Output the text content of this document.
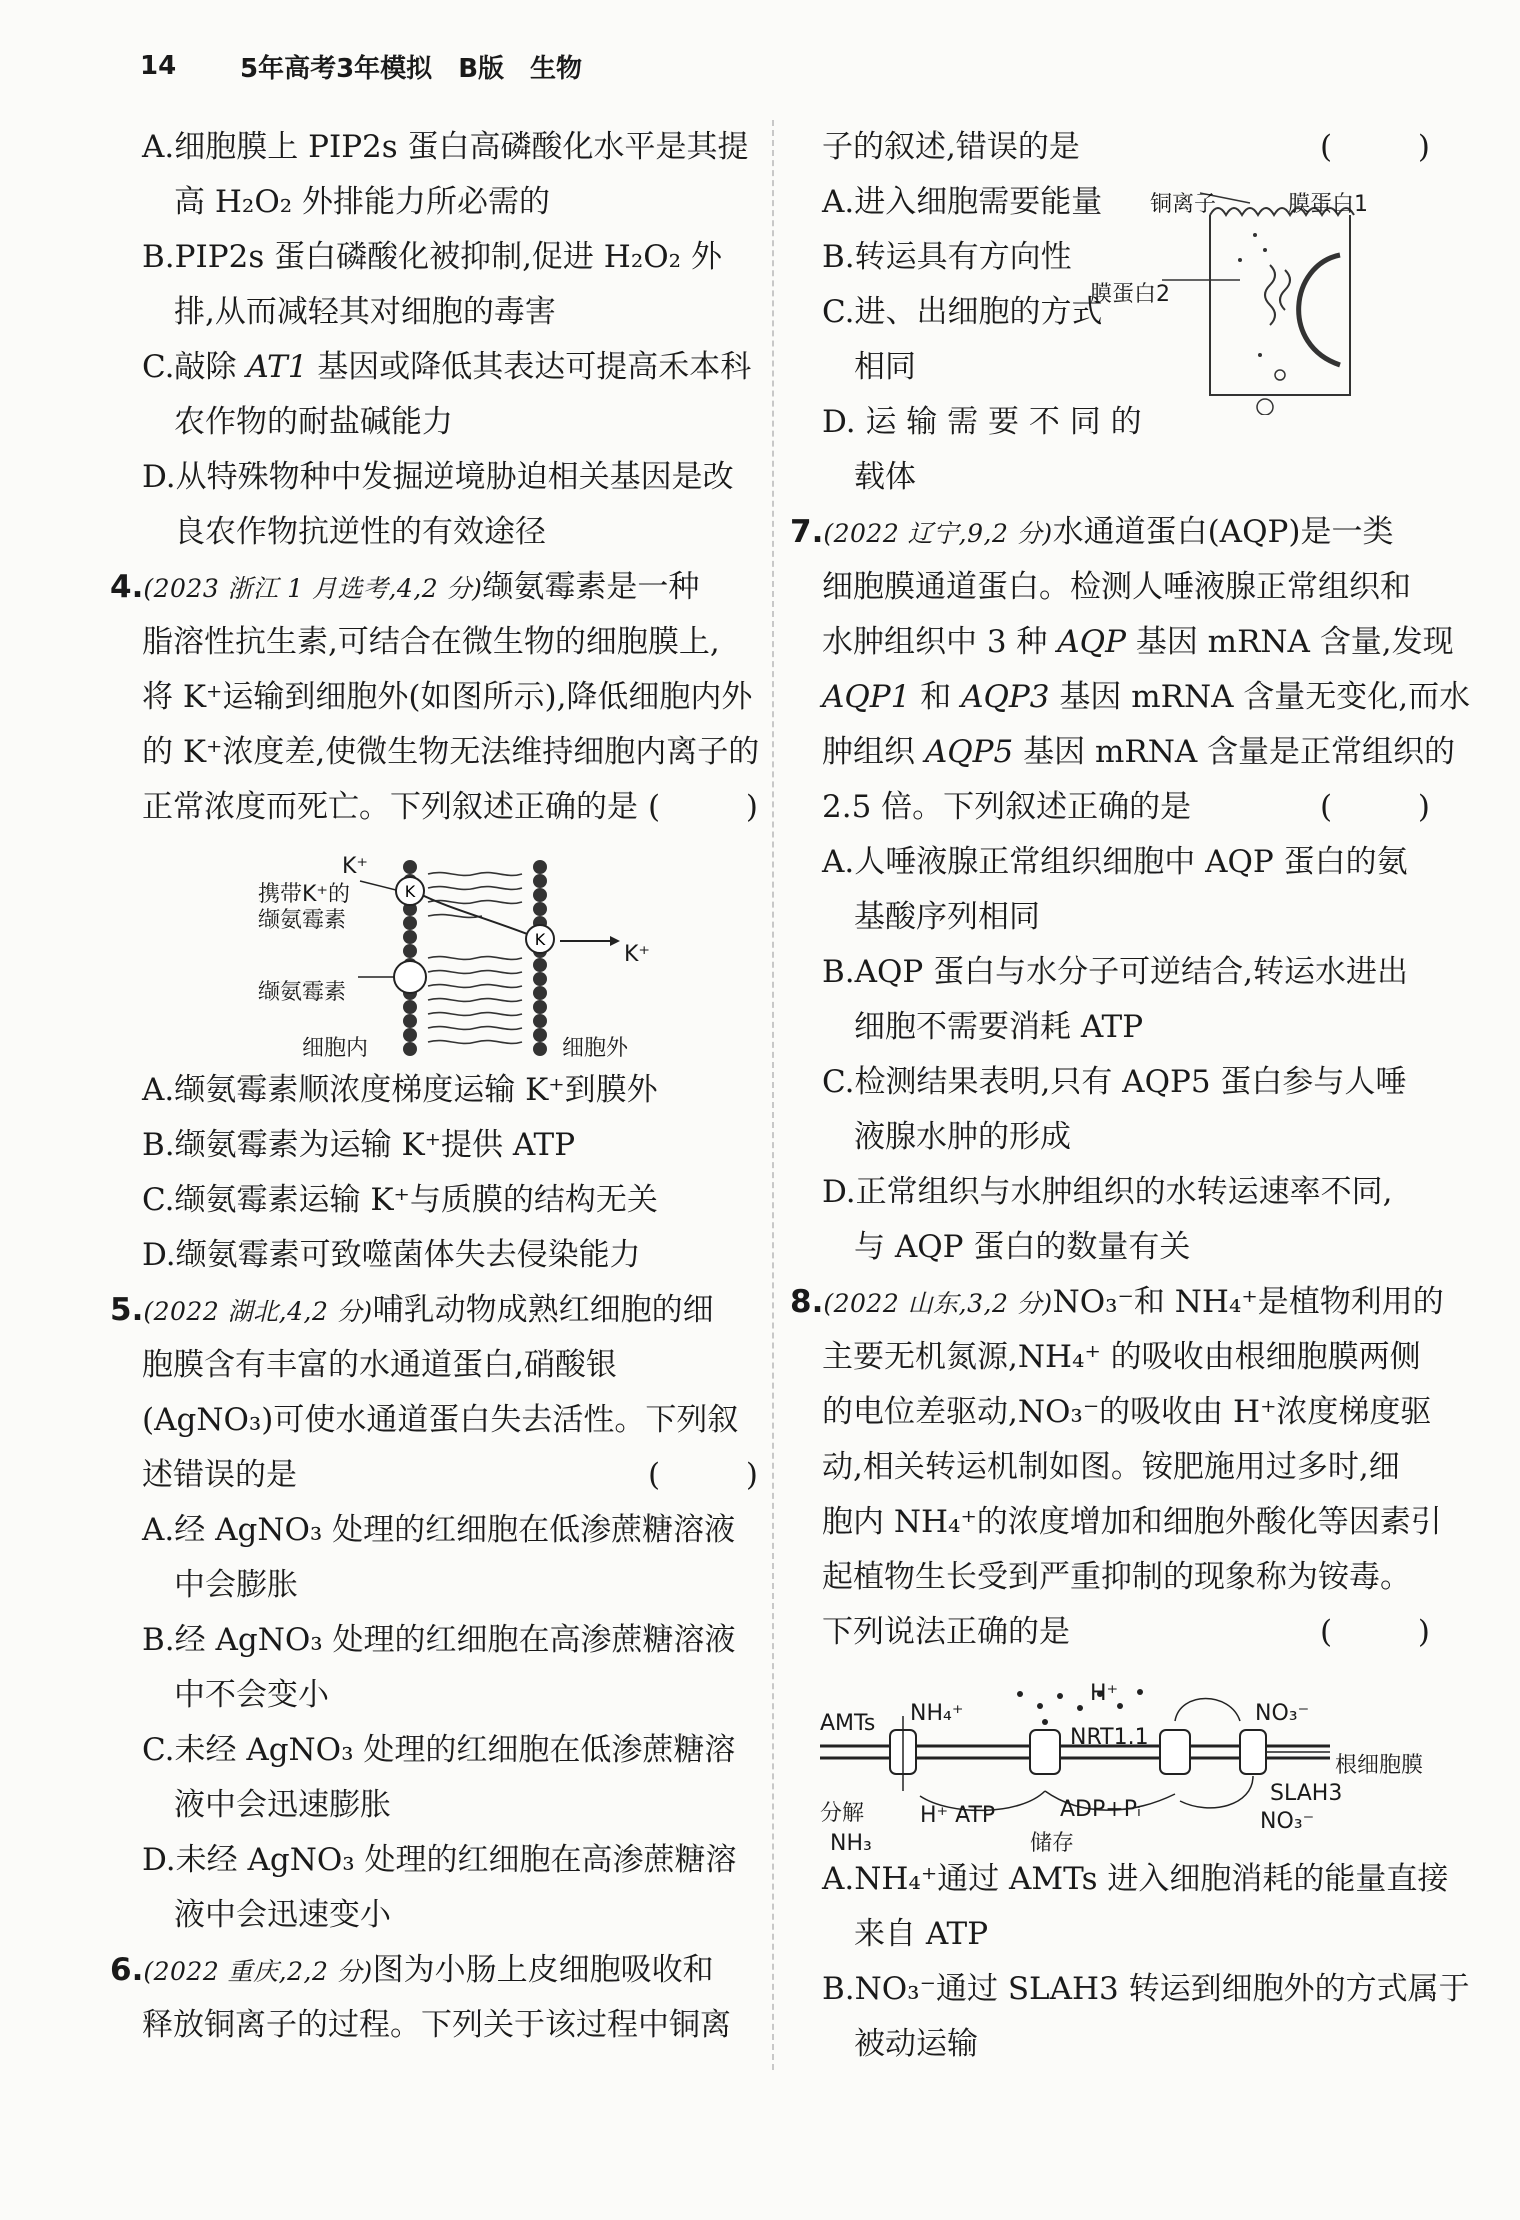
14	5年高考3年模拟 B版 生物
A.细胞膜上 PIP2s 蛋白高磷酸化水平是其提
高 H₂O₂ 外排能力所必需的
B.PIP2s 蛋白磷酸化被抑制,促进 H₂O₂ 外
排,从而减轻其对细胞的毒害
C.敲除 AT1 基因或降低其表达可提高禾本科
农作物的耐盐碱能力
D.从特殊物种中发掘逆境胁迫相关基因是改
良农作物抗逆性的有效途径
4.(2023 浙江 1 月选考,4,2 分)缬氨霉素是一种
脂溶性抗生素,可结合在微生物的细胞膜上,
将 K⁺运输到细胞外(如图所示),降低细胞内外
的 K⁺浓度差,使微生物无法维持细胞内离子的
正常浓度而死亡。下列叙述正确的是 (	)
K
K
K⁺
携带K⁺的
缬氨霉素
K⁺
缬氨霉素
细胞内	细胞外
A.缬氨霉素顺浓度梯度运输 K⁺到膜外
B.缬氨霉素为运输 K⁺提供 ATP
C.缬氨霉素运输 K⁺与质膜的结构无关
D.缬氨霉素可致噬菌体失去侵染能力
5.(2022 湖北,4,2 分)哺乳动物成熟红细胞的细
胞膜含有丰富的水通道蛋白,硝酸银
(AgNO₃)可使水通道蛋白失去活性。下列叙
述错误的是	(	)
A.经 AgNO₃ 处理的红细胞在低渗蔗糖溶液
中会膨胀
B.经 AgNO₃ 处理的红细胞在高渗蔗糖溶液
中不会变小
C.未经 AgNO₃ 处理的红细胞在低渗蔗糖溶
液中会迅速膨胀
D.未经 AgNO₃ 处理的红细胞在高渗蔗糖溶
液中会迅速变小
6.(2022 重庆,2,2 分)图为小肠上皮细胞吸收和
释放铜离子的过程。下列关于该过程中铜离
子的叙述,错误的是	(	)
A.进入细胞需要能量
B.转运具有方向性
C.进、出细胞的方式
相同
D. 运 输 需 要 不 同 的
载体
铜离子	膜蛋白1
膜蛋白2
7.(2022 辽宁,9,2 分)水通道蛋白(AQP)是一类
细胞膜通道蛋白。检测人唾液腺正常组织和
水肿组织中 3 种 AQP 基因 mRNA 含量,发现
AQP1 和 AQP3 基因 mRNA 含量无变化,而水
肿组织 AQP5 基因 mRNA 含量是正常组织的
2.5 倍。下列叙述正确的是	(	)
A.人唾液腺正常组织细胞中 AQP 蛋白的氨
基酸序列相同
B.AQP 蛋白与水分子可逆结合,转运水进出
细胞不需要消耗 ATP
C.检测结果表明,只有 AQP5 蛋白参与人唾
液腺水肿的形成
D.正常组织与水肿组织的水转运速率不同,
与 AQP 蛋白的数量有关
8.(2022 山东,3,2 分)NO₃⁻和 NH₄⁺是植物利用的
主要无机氮源,NH₄⁺ 的吸收由根细胞膜两侧
的电位差驱动,NO₃⁻的吸收由 H⁺浓度梯度驱
动,相关转运机制如图。铵肥施用过多时,细
胞内 NH₄⁺的浓度增加和细胞外酸化等因素引
起植物生长受到严重抑制的现象称为铵毒。
下列说法正确的是	(	)
AMTs NH₄⁺
H⁺
NRT1.1
NO₃⁻
根细胞膜
SLAH3
NO₃⁻
分解	H⁺ ATP	ADP+Pᵢ
储存
NH₃
A.NH₄⁺通过 AMTs 进入细胞消耗的能量直接
来自 ATP
B.NO₃⁻通过 SLAH3 转运到细胞外的方式属于
被动运输
